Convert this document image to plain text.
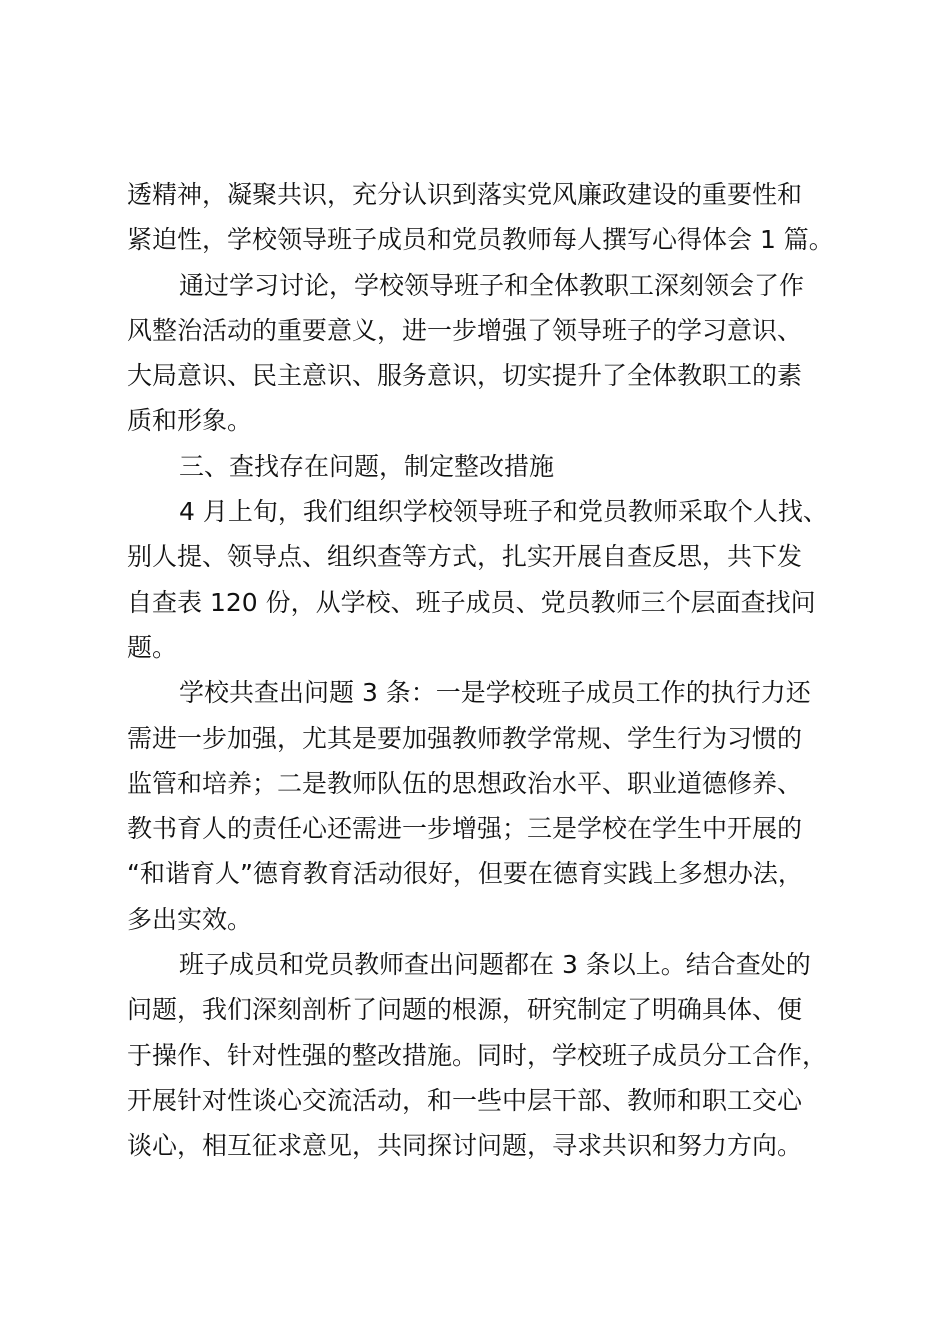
透精神，凝聚共识，充分认识到落实党风廉政建设的重要性和
紧迫性，学校领导班子成员和党员教师每人撰写心得体会 1 篇。
通过学习讨论，学校领导班子和全体教职工深刻领会了作
风整治活动的重要意义，进一步增强了领导班子的学习意识、
大局意识、民主意识、服务意识，切实提升了全体教职工的素
质和形象。
三、查找存在问题，制定整改措施
4 月上旬，我们组织学校领导班子和党员教师采取个人找、
别人提、领导点、组织查等方式，扎实开展自查反思，共下发
自查表 120 份，从学校、班子成员、党员教师三个层面查找问
题。
学校共查出问题 3 条：一是学校班子成员工作的执行力还
需进一步加强，尤其是要加强教师教学常规、学生行为习惯的
监管和培养；二是教师队伍的思想政治水平、职业道德修养、
教书育人的责任心还需进一步增强；三是学校在学生中开展的
“和谐育人”德育教育活动很好，但要在德育实践上多想办法，
多出实效。
班子成员和党员教师查出问题都在 3 条以上。结合查处的
问题，我们深刻剖析了问题的根源，研究制定了明确具体、便
于操作、针对性强的整改措施。同时，学校班子成员分工合作，
开展针对性谈心交流活动，和一些中层干部、教师和职工交心
谈心，相互征求意见，共同探讨问题，寻求共识和努力方向。
